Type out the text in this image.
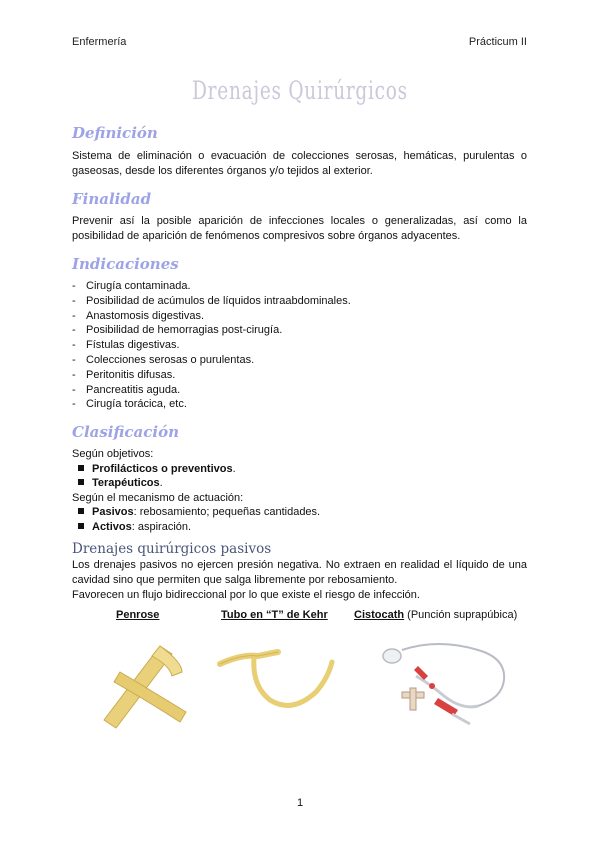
Enfermería	Prácticum II
Drenajes Quirúrgicos
Definición
Sistema de eliminación o evacuación de colecciones serosas, hemáticas, purulentas o gaseosas, desde los diferentes órganos y/o tejidos al exterior.
Finalidad
Prevenir así la posible aparición de infecciones locales o generalizadas, así como la posibilidad de aparición de fenómenos compresivos sobre órganos adyacentes.
Indicaciones
- Cirugía contaminada.
- Posibilidad de acúmulos de líquidos intraabdominales.
- Anastomosis digestivas.
- Posibilidad de hemorragias post-cirugía.
- Fístulas digestivas.
- Colecciones serosas o purulentas.
- Peritonitis difusas.
- Pancreatitis aguda.
- Cirugía torácica, etc.
Clasificación
Según objetivos:
Profilácticos o preventivos.
Terapéuticos.
Según el mecanismo de actuación:
Pasivos: rebosamiento; pequeñas cantidades.
Activos: aspiración.
Drenajes quirúrgicos pasivos
Los drenajes pasivos no ejercen presión negativa. No extraen en realidad el líquido de una cavidad sino que permiten que salga libremente por rebosamiento.
Favorecen un flujo bidireccional por lo que existe el riesgo de infección.
Penrose	Tubo en “T” de Kehr Cistocath (Punción suprapúbica)
1
